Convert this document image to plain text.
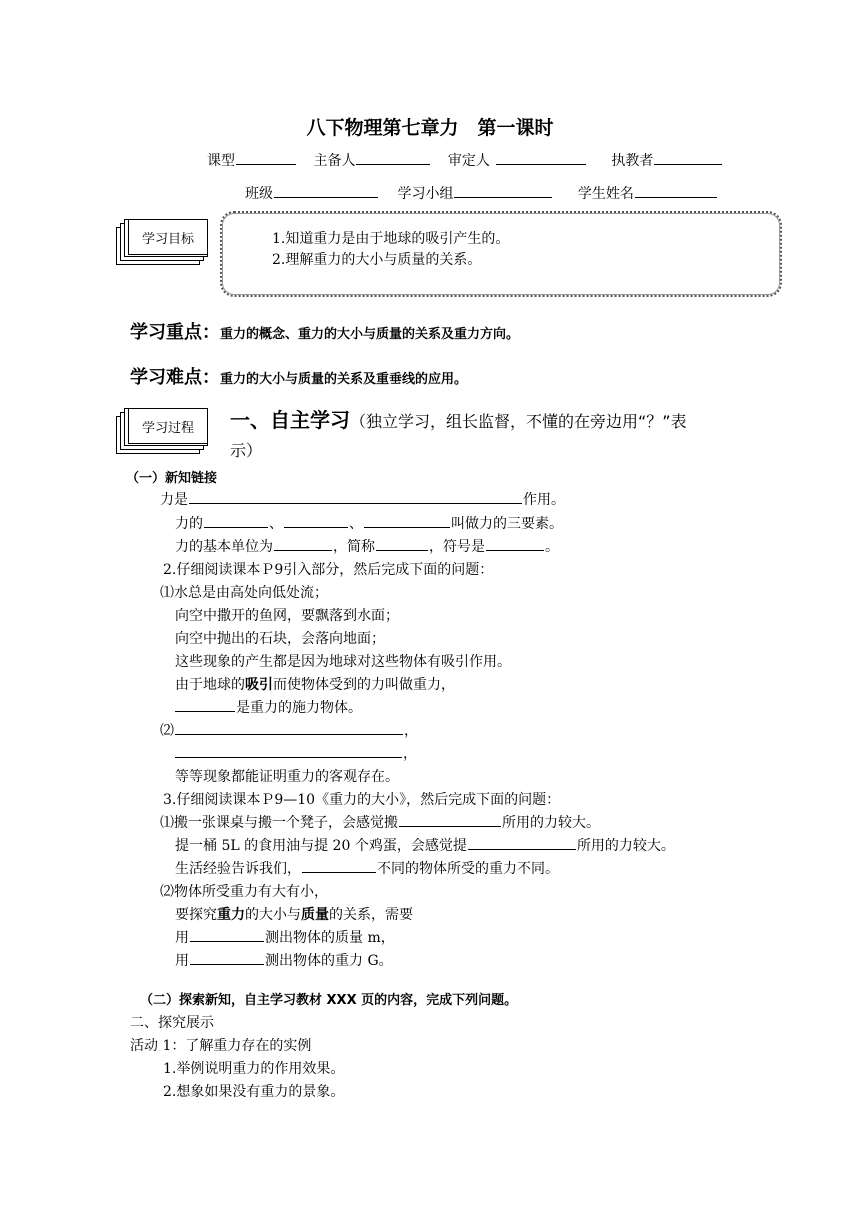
八下物理第七章力　第一课时
课型	主备人	审定人	执教者
班级	学习小组	学生姓名
学习目标	1.知道重力是由于地球的吸引产生的。
2.理解重力的大小与质量的关系。
学习重点：重力的概念、重力的大小与质量的关系及重力方向。
学习难点：重力的大小与质量的关系及重垂线的应用。
学习过程	一、自主学习（独立学习，组长监督，不懂的在旁边用“？”表
示）
（一）新知链接
力是	作用。
力的	、	、	叫做力的三要素。
力的基本单位为	，简称	，符号是	。
2.仔细阅读课本Ｐ9引入部分，然后完成下面的问题：
⑴水总是由高处向低处流；
向空中撒开的鱼网，要飘落到水面；
向空中抛出的石块，会落向地面；
这些现象的产生都是因为地球对这些物体有吸引作用。
由于地球的吸引而使物体受到的力叫做重力，
是重力的施力物体。
⑵	，
，
等等现象都能证明重力的客观存在。
3.仔细阅读课本Ｐ9—10《重力的大小》，然后完成下面的问题：
⑴搬一张课桌与搬一个凳子，会感觉搬	所用的力较大。
提一桶 5L 的食用油与提 20 个鸡蛋，会感觉提	所用的力较大。
生活经验告诉我们，	不同的物体所受的重力不同。
⑵物体所受重力有大有小，
要探究重力的大小与质量的关系，需要
用	测出物体的质量 m，
用	测出物体的重力 G。
（二）探索新知，自主学习教材 XXX 页的内容，完成下列问题。
二、探究展示
活动 1：了解重力存在的实例
1.举例说明重力的作用效果。
2.想象如果没有重力的景象。
